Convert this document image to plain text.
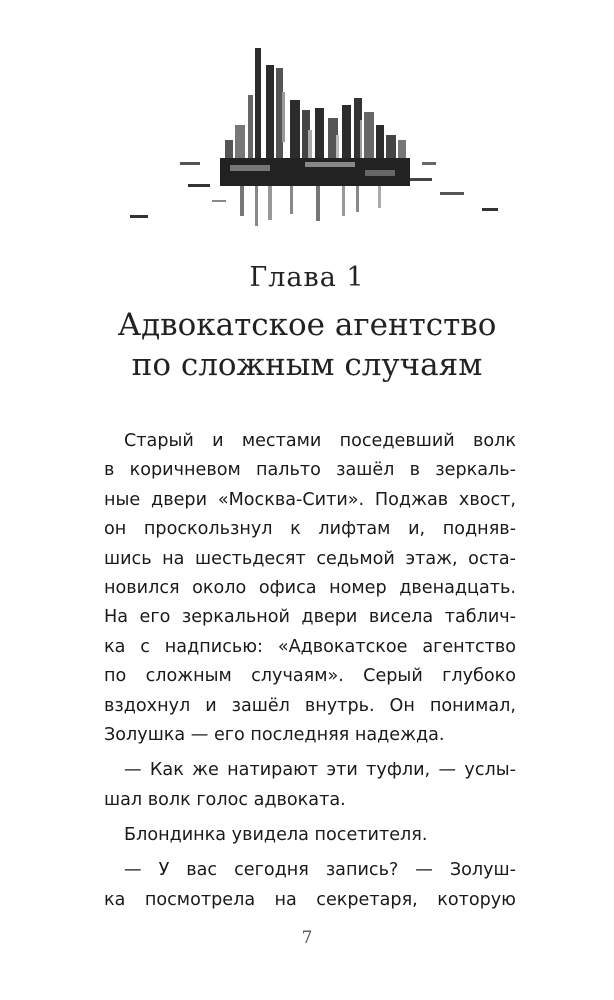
Глава 1
Адвокатское агентство
по сложным случаям
Старый и местами поседевший волк
в коричневом пальто зашёл в зеркаль-
ные двери «Москва-Сити». Поджав хвост,
он проскользнул к лифтам и, подняв-
шись на шестьдесят седьмой этаж, оста-
новился около офиса номер двенадцать.
На его зеркальной двери висела таблич-
ка с надписью: «Адвокатское агентство
по сложным случаям». Серый глубоко
вздохнул и зашёл внутрь. Он понимал,
Золушка — его последняя надежда.
— Как же натирают эти туфли, — услы-
шал волк голос адвоката.
Блондинка увидела посетителя.
— У вас сегодня запись? — Золуш-
ка посмотрела на секретаря, которую
7
